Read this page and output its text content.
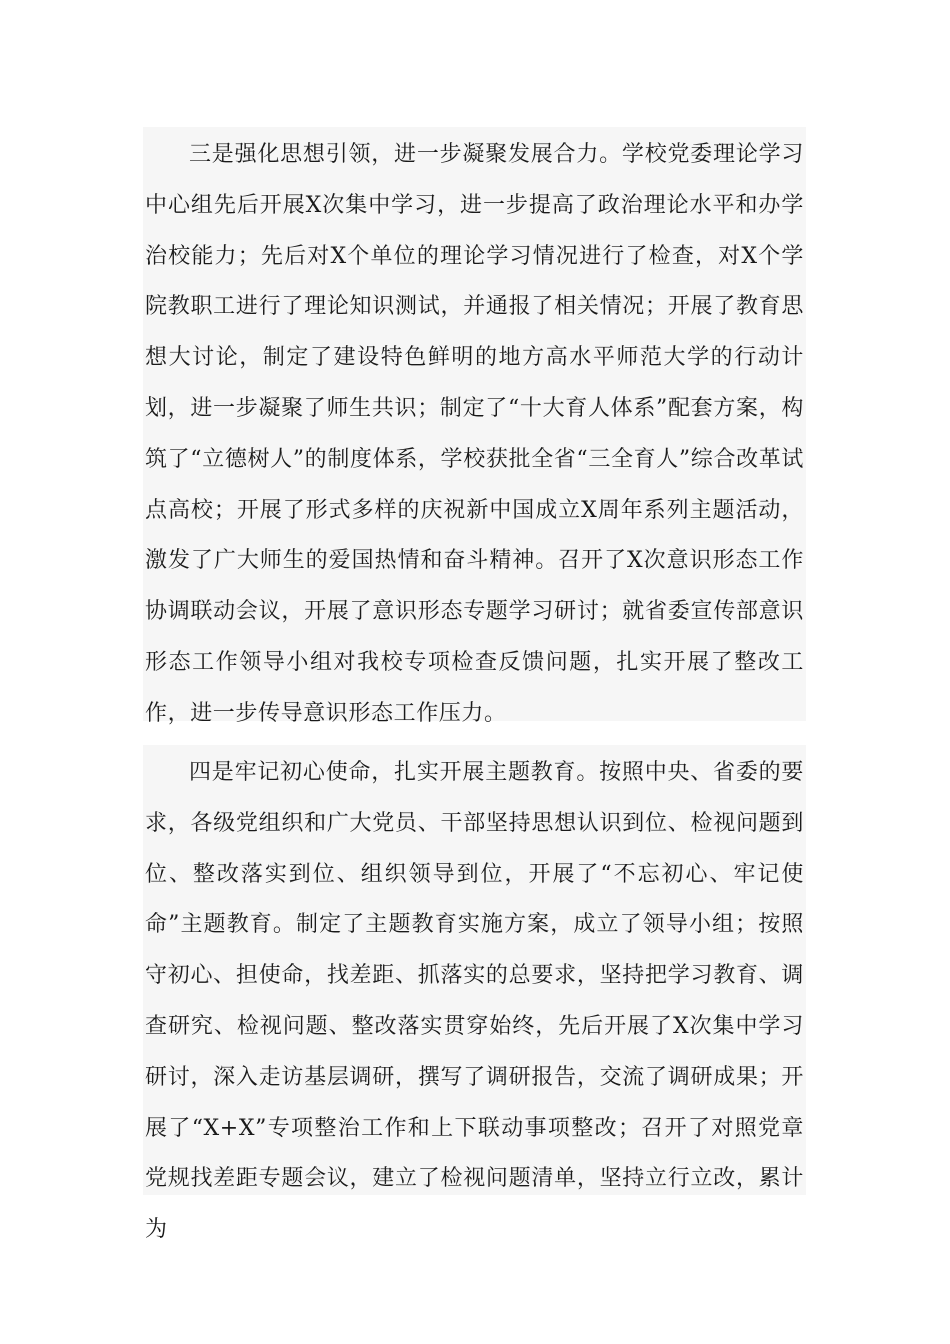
三是强化思想引领，进一步凝聚发展合力。学校党委理论学习中心组先后开展X次集中学习，进一步提高了政治理论水平和办学治校能力；先后对X个单位的理论学习情况进行了检查，对X个学院教职工进行了理论知识测试，并通报了相关情况；开展了教育思想大讨论，制定了建设特色鲜明的地方高水平师范大学的行动计划，进一步凝聚了师生共识；制定了“十大育人体系”配套方案，构筑了“立德树人”的制度体系，学校获批全省“三全育人”综合改革试点高校；开展了形式多样的庆祝新中国成立X周年系列主题活动，激发了广大师生的爱国热情和奋斗精神。召开了X次意识形态工作协调联动会议，开展了意识形态专题学习研讨；就省委宣传部意识形态工作领导小组对我校专项检查反馈问题，扎实开展了整改工作，进一步传导意识形态工作压力。

四是牢记初心使命，扎实开展主题教育。按照中央、省委的要求，各级党组织和广大党员、干部坚持思想认识到位、检视问题到位、整改落实到位、组织领导到位，开展了“不忘初心、牢记使命”主题教育。制定了主题教育实施方案，成立了领导小组；按照守初心、担使命，找差距、抓落实的总要求，坚持把学习教育、调查研究、检视问题、整改落实贯穿始终，先后开展了X次集中学习研讨，深入走访基层调研，撰写了调研报告，交流了调研成果；开展了“X+X”专项整治工作和上下联动事项整改；召开了对照党章党规找差距专题会议，建立了检视问题清单，坚持立行立改，累计为
